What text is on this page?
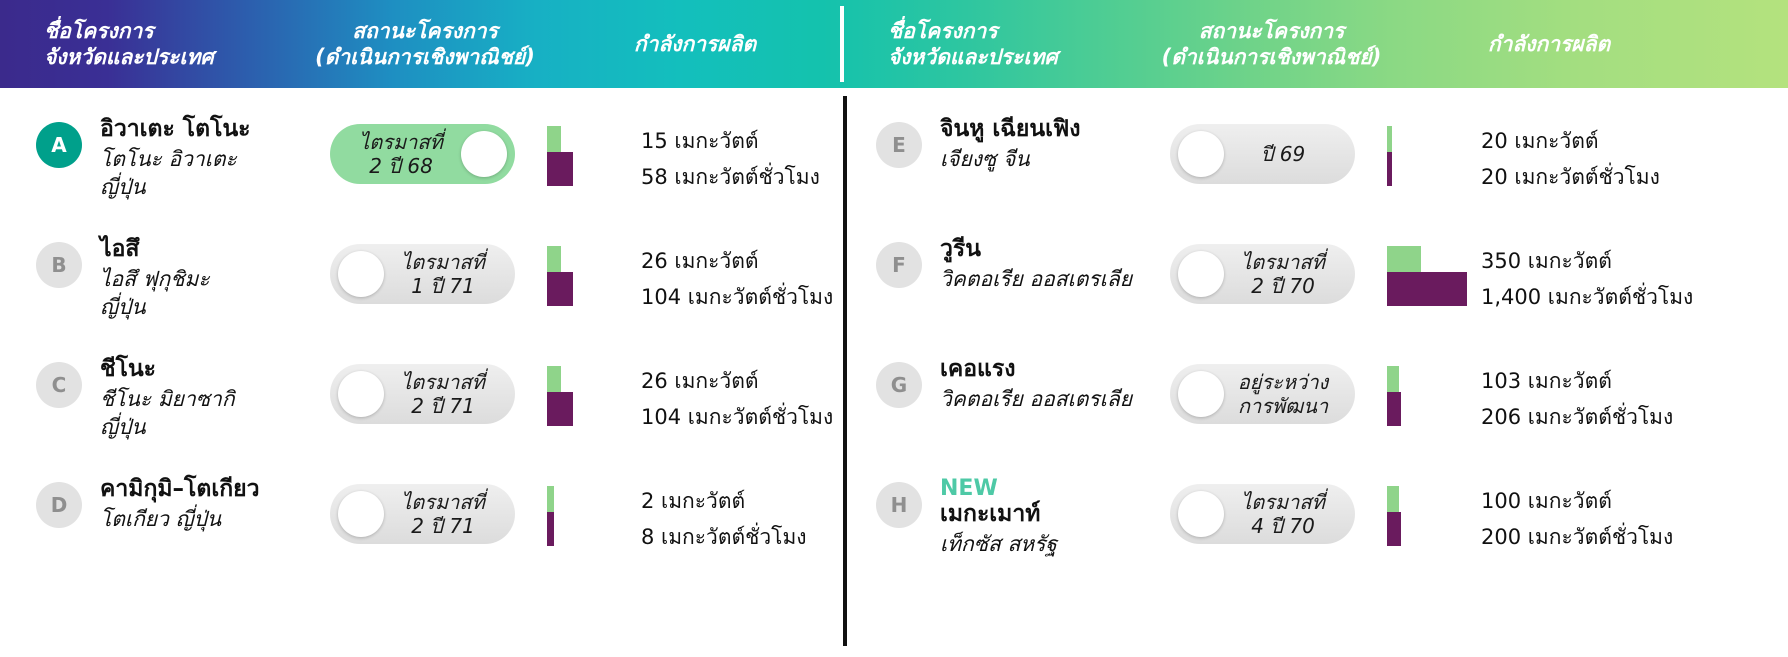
ชื่อโครงการ
จังหวัดและประเทศ
สถานะโครงการ
(ดำเนินการเชิงพาณิชย์)
กำลังการผลิต
ชื่อโครงการ
จังหวัดและประเทศ
สถานะโครงการ
(ดำเนินการเชิงพาณิชย์)
กำลังการผลิต
A
อิวาเตะ โตโนะ
โตโนะ อิวาเตะ
ญี่ปุ่น
ไตรมาสที่
2 ปี 68
15 เมกะวัตต์
58 เมกะวัตต์ชั่วโมง
B
ไอสึ
ไอสึ ฟุกุชิมะ
ญี่ปุ่น
ไตรมาสที่
1 ปี 71
26 เมกะวัตต์
104 เมกะวัตต์ชั่วโมง
C
ชีโนะ
ชีโนะ มิยาซากิ
ญี่ปุ่น
ไตรมาสที่
2 ปี 71
26 เมกะวัตต์
104 เมกะวัตต์ชั่วโมง
D
คามิกุมิ–โตเกียว
โตเกียว ญี่ปุ่น
ไตรมาสที่
2 ปี 71
2 เมกะวัตต์
8 เมกะวัตต์ชั่วโมง
E
จินหู เฉียนเฟิง
เจียงซู จีน	ปี 69
20 เมกะวัตต์
20 เมกะวัตต์ชั่วโมง
F
วูรีน
วิคตอเรีย ออสเตรเลีย
ไตรมาสที่
2 ปี 70
350 เมกะวัตต์
1,400 เมกะวัตต์ชั่วโมง
G
เคอแรง
วิคตอเรีย ออสเตรเลีย
อยู่ระหว่าง
การพัฒนา
103 เมกะวัตต์
206 เมกะวัตต์ชั่วโมง
H
NEW
เมกะเมาท์
เท็กซัส สหรัฐ
ไตรมาสที่
4 ปี 70
100 เมกะวัตต์
200 เมกะวัตต์ชั่วโมง
